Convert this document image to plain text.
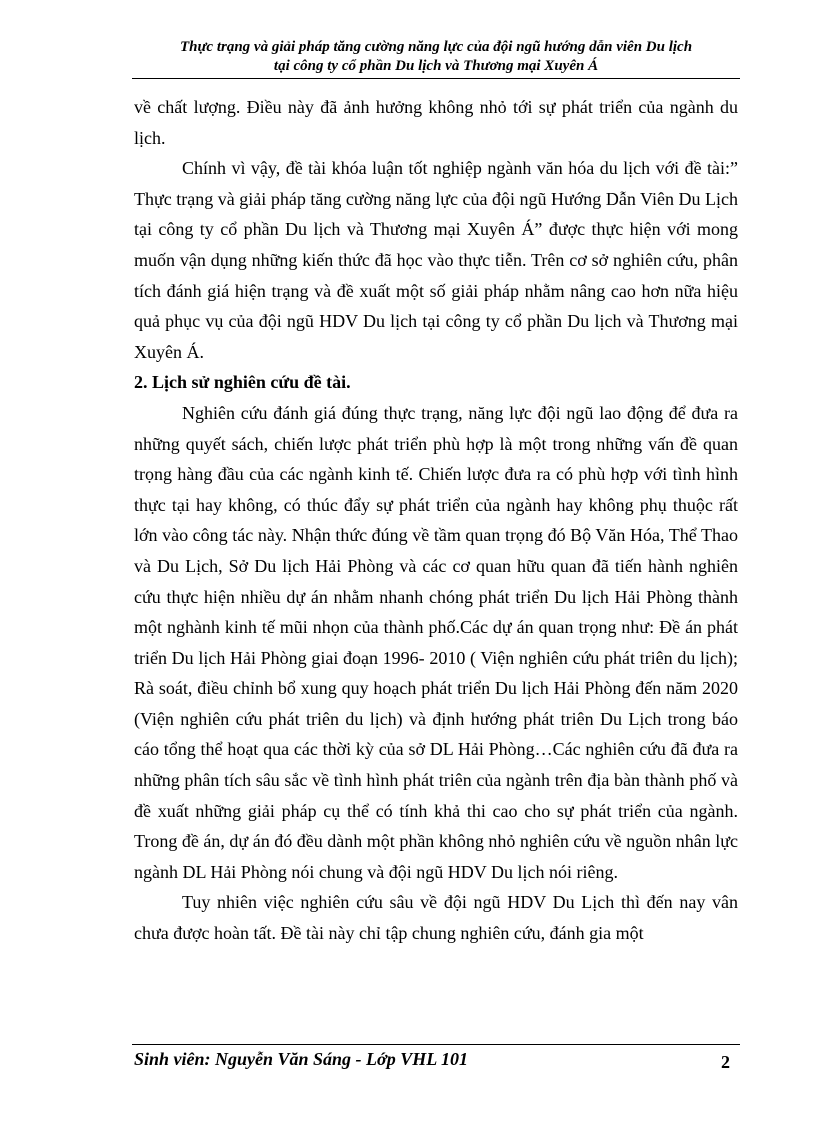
Thực trạng và giải pháp tăng cường năng lực của đội ngũ hướng dẫn viên Du lịch
tại công ty cổ phần Du lịch và Thương mại Xuyên Á

về chất lượng. Điều này đã ảnh hưởng không nhỏ tới sự phát triển của ngành du lịch.

Chính vì vậy, đề tài khóa luận tốt nghiệp ngành văn hóa du lịch với đề tài:” Thực trạng và giải pháp tăng cường năng lực của đội ngũ Hướng Dẫn Viên Du Lịch tại công ty cổ phần Du lịch và Thương mại Xuyên Á” được thực hiện với mong muốn vận dụng những kiến thức đã học vào thực tiễn. Trên cơ sở nghiên cứu, phân tích đánh giá hiện trạng và đề xuất một số giải pháp nhằm nâng cao hơn nữa hiệu quả phục vụ của đội ngũ HDV Du lịch tại công ty cổ phần Du lịch và Thương mại Xuyên Á.

2. Lịch sử nghiên cứu đề tài.

Nghiên cứu đánh giá đúng thực trạng, năng lực đội ngũ lao động để đưa ra những quyết sách, chiến lược phát triển phù hợp là một trong những vấn đề quan trọng hàng đầu của các ngành kinh tế. Chiến lược đưa ra có phù hợp với tình hình thực tại hay không, có thúc đẩy sự phát triển của ngành hay không phụ thuộc rất lớn vào công tác này. Nhận thức đúng về tầm quan trọng đó Bộ Văn Hóa, Thể Thao và Du Lịch, Sở Du lịch Hải Phòng và các cơ quan hữu quan đã tiến hành nghiên cứu thực hiện nhiều dự án nhằm nhanh chóng phát triển Du lịch Hải Phòng thành một nghành kinh tế mũi nhọn của thành phố.Các dự án quan trọng như: Đề án phát triển Du lịch Hải Phòng giai đoạn 1996- 2010 ( Viện nghiên cứu phát triên du lịch); Rà soát, điều chỉnh bổ xung quy hoạch phát triển Du lịch Hải Phòng đến năm 2020 (Viện nghiên cứu phát triên du lịch) và định hướng phát triên Du Lịch trong báo cáo tổng thể hoạt qua các thời kỳ của sở DL Hải Phòng…Các nghiên cứu đã đưa ra những phân tích sâu sắc về tình hình phát triên của ngành trên địa bàn thành phố và đề xuất những giải pháp cụ thể có tính khả thi cao cho sự phát triển của ngành. Trong đề án, dự án đó đều dành một phần không nhỏ nghiên cứu về nguồn nhân lực ngành DL Hải Phòng nói chung và đội ngũ HDV Du lịch nói riêng.

Tuy nhiên việc nghiên cứu sâu về đội ngũ HDV Du Lịch thì đến nay vân chưa được hoàn tất. Đề tài này chỉ tập chung nghiên cứu, đánh gia một

Sinh viên: Nguyễn Văn Sáng - Lớp VHL 101	2
